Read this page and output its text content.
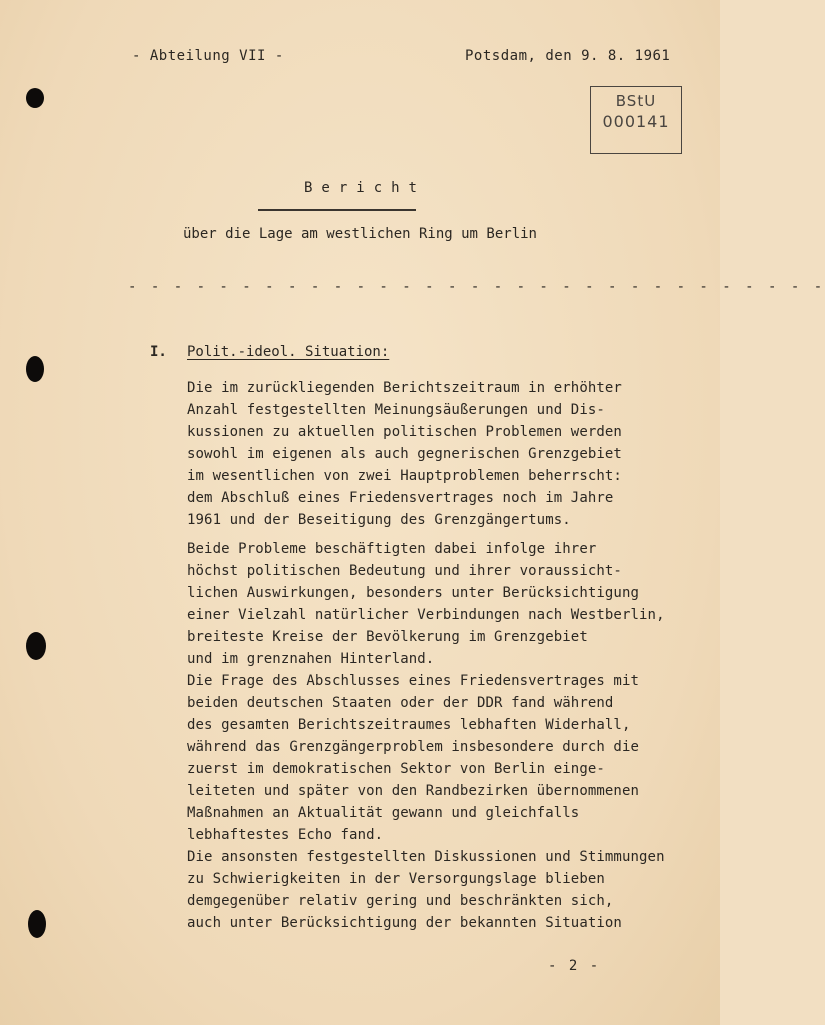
- Abteilung VII -	Potsdam, den 9. 8. 1961
BStU
000141
Bericht
über die Lage am westlichen Ring um Berlin
- - - - - - - - - - - - - - - - - - - - - - - - - - - - - - -
I. Polit.-ideol. Situation:
Die im zurückliegenden Berichtszeitraum in erhöhter
Anzahl festgestellten Meinungsäußerungen und Dis-
kussionen zu aktuellen politischen Problemen werden
sowohl im eigenen als auch gegnerischen Grenzgebiet
im wesentlichen von zwei Hauptproblemen beherrscht:
dem Abschluß eines Friedensvertrages noch im Jahre
1961 und der Beseitigung des Grenzgängertums.
Beide Probleme beschäftigten dabei infolge ihrer
höchst politischen Bedeutung und ihrer voraussicht-
lichen Auswirkungen, besonders unter Berücksichtigung
einer Vielzahl natürlicher Verbindungen nach Westberlin,
breiteste Kreise der Bevölkerung im Grenzgebiet
und im grenznahen Hinterland.
Die Frage des Abschlusses eines Friedensvertrages mit
beiden deutschen Staaten oder der DDR fand während
des gesamten Berichtszeitraumes lebhaften Widerhall,
während das Grenzgängerproblem insbesondere durch die
zuerst im demokratischen Sektor von Berlin einge-
leiteten und später von den Randbezirken übernommenen
Maßnahmen an Aktualität gewann und gleichfalls
lebhaftestes Echo fand.
Die ansonsten festgestellten Diskussionen und Stimmungen
zu Schwierigkeiten in der Versorgungslage blieben
demgegenüber relativ gering und beschränkten sich,
auch unter Berücksichtigung der bekannten Situation
- 2 -
